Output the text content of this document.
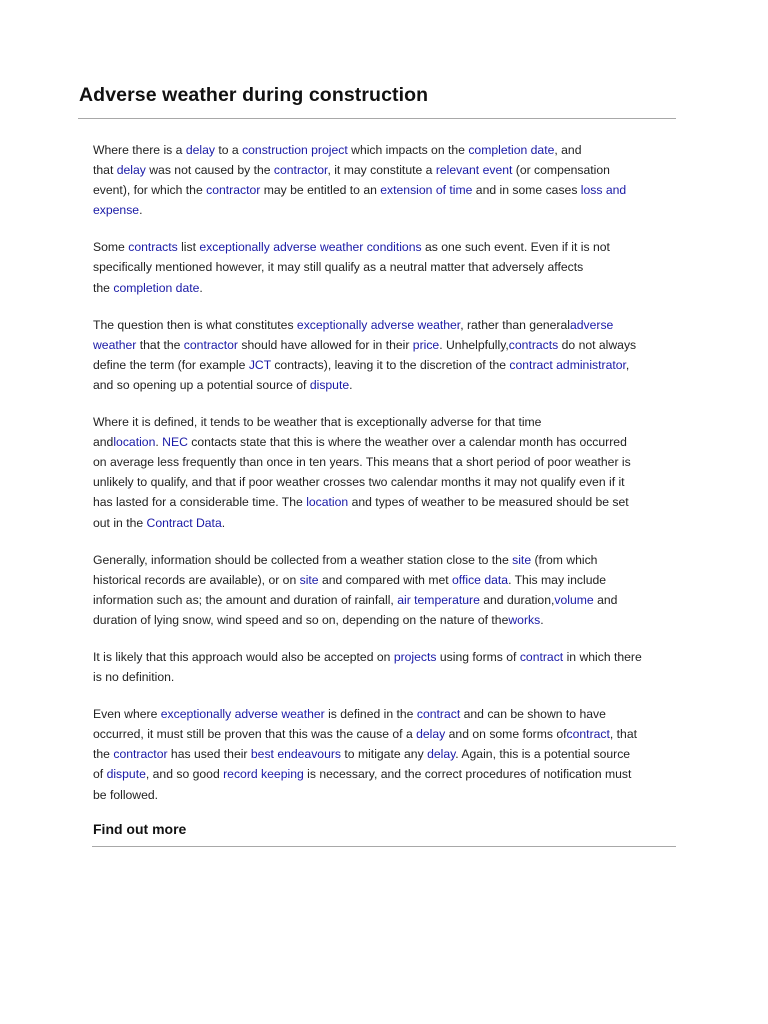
Adverse weather during construction

Where there is a delay to a construction project which impacts on the completion date, and
that delay was not caused by the contractor, it may constitute a relevant event (or compensation
event), for which the contractor may be entitled to an extension of time and in some cases loss and
expense.

Some contracts list exceptionally adverse weather conditions as one such event. Even if it is not
specifically mentioned however, it may still qualify as a neutral matter that adversely affects
the completion date.

The question then is what constitutes exceptionally adverse weather, rather than generaladverse
weather that the contractor should have allowed for in their price. Unhelpfully,contracts do not always
define the term (for example JCT contracts), leaving it to the discretion of the contract administrator,
and so opening up a potential source of dispute.

Where it is defined, it tends to be weather that is exceptionally adverse for that time
andlocation. NEC contacts state that this is where the weather over a calendar month has occurred
on average less frequently than once in ten years. This means that a short period of poor weather is
unlikely to qualify, and that if poor weather crosses two calendar months it may not qualify even if it
has lasted for a considerable time. The location and types of weather to be measured should be set
out in the Contract Data.

Generally, information should be collected from a weather station close to the site (from which
historical records are available), or on site and compared with met office data. This may include
information such as; the amount and duration of rainfall, air temperature and duration,volume and
duration of lying snow, wind speed and so on, depending on the nature of theworks.

It is likely that this approach would also be accepted on projects using forms of contract in which there
is no definition.

Even where exceptionally adverse weather is defined in the contract and can be shown to have
occurred, it must still be proven that this was the cause of a delay and on some forms ofcontract, that
the contractor has used their best endeavours to mitigate any delay. Again, this is a potential source
of dispute, and so good record keeping is necessary, and the correct procedures of notification must
be followed.

Find out more
